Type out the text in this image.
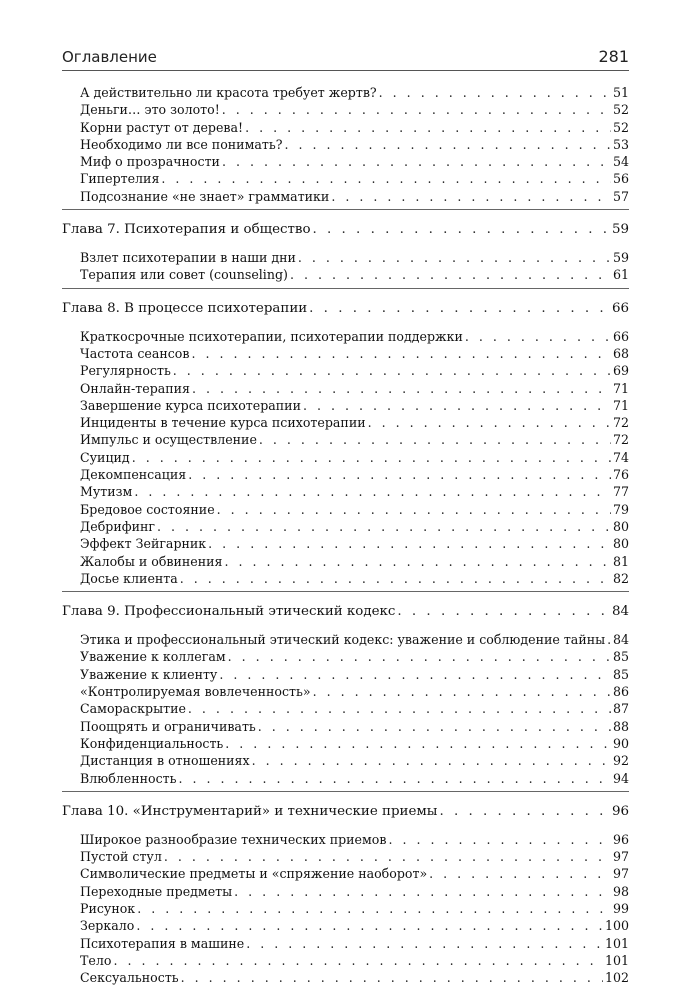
Оглавление	281
А действительно ли красота требует жертв? . . .	51
Деньги… это золото! . . .	52
Корни растут от дерева! . . .	52
Необходимо ли все понимать? . . .	53
Миф о прозрачности . . .	54
Гипертелия . . .	56
Подсознание «не знает» грамматики . . .	57
Глава 7. Психотерапия и общество . . .	59
Взлет психотерапии в наши дни . . .	59
Терапия или совет (counseling) . . .	61
Глава 8. В процессе психотерапии . . .	66
Краткосрочные психотерапии, психотерапии поддержки . . .	66
Частота сеансов . . .	68
Регулярность . . .	69
Онлайн-терапия . . .	71
Завершение курса психотерапии . . .	71
Инциденты в течение курса психотерапии . . .	72
Импульс и осуществление . . .	72
Суицид . . .	74
Декомпенсация . . .	76
Мутизм . . .	77
Бредовое состояние . . .	79
Дебрифинг . . .	80
Эффект Зейгарник . . .	80
Жалобы и обвинения . . .	81
Досье клиента . . .	82
Глава 9. Профессиональный этический кодекс . . .	84
Этика и профессиональный этический кодекс: уважение и соблюдение тайны . . . 84
Уважение к коллегам . . .	85
Уважение к клиенту . . .	85
«Контролируемая вовлеченность» . . .	86
Самораскрытие . . .	87
Поощрять и ограничивать . . .	88
Конфиденциальность . . .	90
Дистанция в отношениях . . .	92
Влюбленность . . .	94
Глава 10. «Инструментарий» и технические приемы . . .	96
Широкое разнообразие технических приемов . . .	96
Пустой стул . . .	97
Символические предметы и «спряжение наоборот» . . .	97
Переходные предметы . . .	98
Рисунок . . .	99
Зеркало . . .	100
Психотерапия в машине . . .	101
Тело . . .	101
Сексуальность . . .	102
